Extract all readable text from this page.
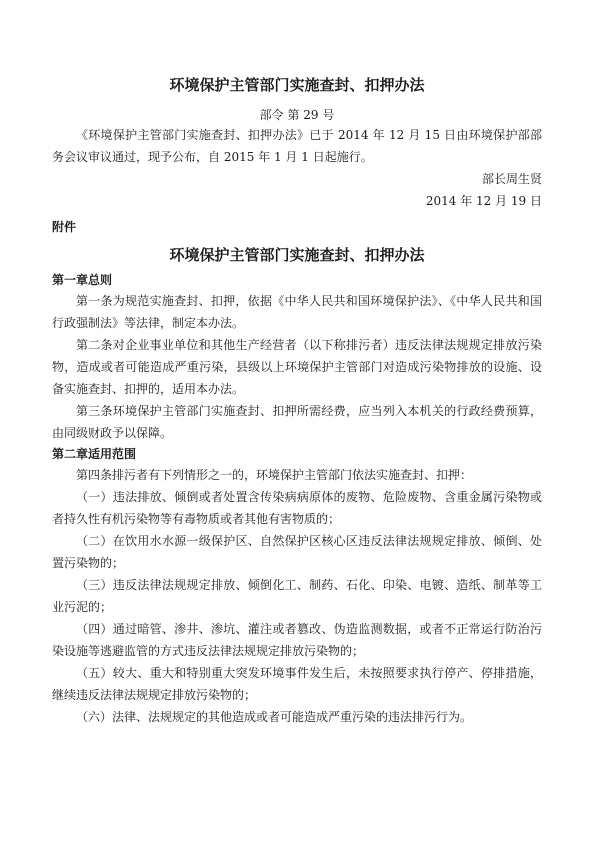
环境保护主管部门实施查封、扣押办法

部令 第 29 号

《环境保护主管部门实施查封、扣押办法》已于 2014 年 12 月 15 日由环境保护部部务会议审议通过，现予公布，自 2015 年 1 月 1 日起施行。

部长周生贤

2014 年 12 月 19 日

附件

环境保护主管部门实施查封、扣押办法
第一章总则

第一条为规范实施查封、扣押，依据《中华人民共和国环境保护法》、《中华人民共和国行政强制法》等法律，制定本办法。

第二条对企业事业单位和其他生产经营者（以下称排污者）违反法律法规规定排放污染物，造成或者可能造成严重污染，县级以上环境保护主管部门对造成污染物排放的设施、设备实施查封、扣押的，适用本办法。

第三条环境保护主管部门实施查封、扣押所需经费，应当列入本机关的行政经费预算，由同级财政予以保障。

第二章适用范围

第四条排污者有下列情形之一的，环境保护主管部门依法实施查封、扣押：

（一）违法排放、倾倒或者处置含传染病病原体的废物、危险废物、含重金属污染物或者持久性有机污染物等有毒物质或者其他有害物质的；

（二）在饮用水水源一级保护区、自然保护区核心区违反法律法规规定排放、倾倒、处置污染物的；

（三）违反法律法规规定排放、倾倒化工、制药、石化、印染、电镀、造纸、制革等工业污泥的；

（四）通过暗管、渗井、渗坑、灌注或者篡改、伪造监测数据，或者不正常运行防治污染设施等逃避监管的方式违反法律法规规定排放污染物的；

（五）较大、重大和特别重大突发环境事件发生后，未按照要求执行停产、停排措施，继续违反法律法规规定排放污染物的；

（六）法律、法规规定的其他造成或者可能造成严重污染的违法排污行为。
